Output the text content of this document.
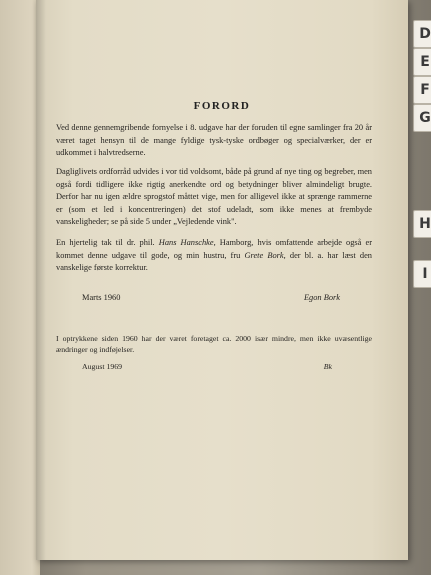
D
E
F
G
H
I
FORORD
Ved denne gennemgribende fornyelse i 8. udgave har der foruden til egne samlinger fra 20 år været taget hensyn til de mange fyldige tysk-tyske ordbøger og specialværker, der er udkommet i halvtredserne.
Dagliglivets ordforråd udvides i vor tid voldsomt, både på grund af nye ting og begreber, men også fordi tidligere ikke rigtig anerkendte ord og betydninger bliver almindeligt brugte. Derfor har nu igen ældre sprogstof måttet vige, men for alligevel ikke at sprænge rammerne er (som et led i koncentreringen) det stof udeladt, som ikke menes at frembyde vanskeligheder; se på side 5 under „Vejledende vink".
En hjertelig tak til dr. phil. Hans Hanschke, Hamborg, hvis omfattende arbejde også er kommet denne udgave til gode, og min hustru, fru Grete Bork, der bl. a. har læst den vanskelige første korrektur.
Marts 1960	Egon Bork
I optrykkene siden 1960 har der været foretaget ca. 2000 især mindre, men ikke uvæsentlige ændringer og indføjelser.
August 1969	Bk
